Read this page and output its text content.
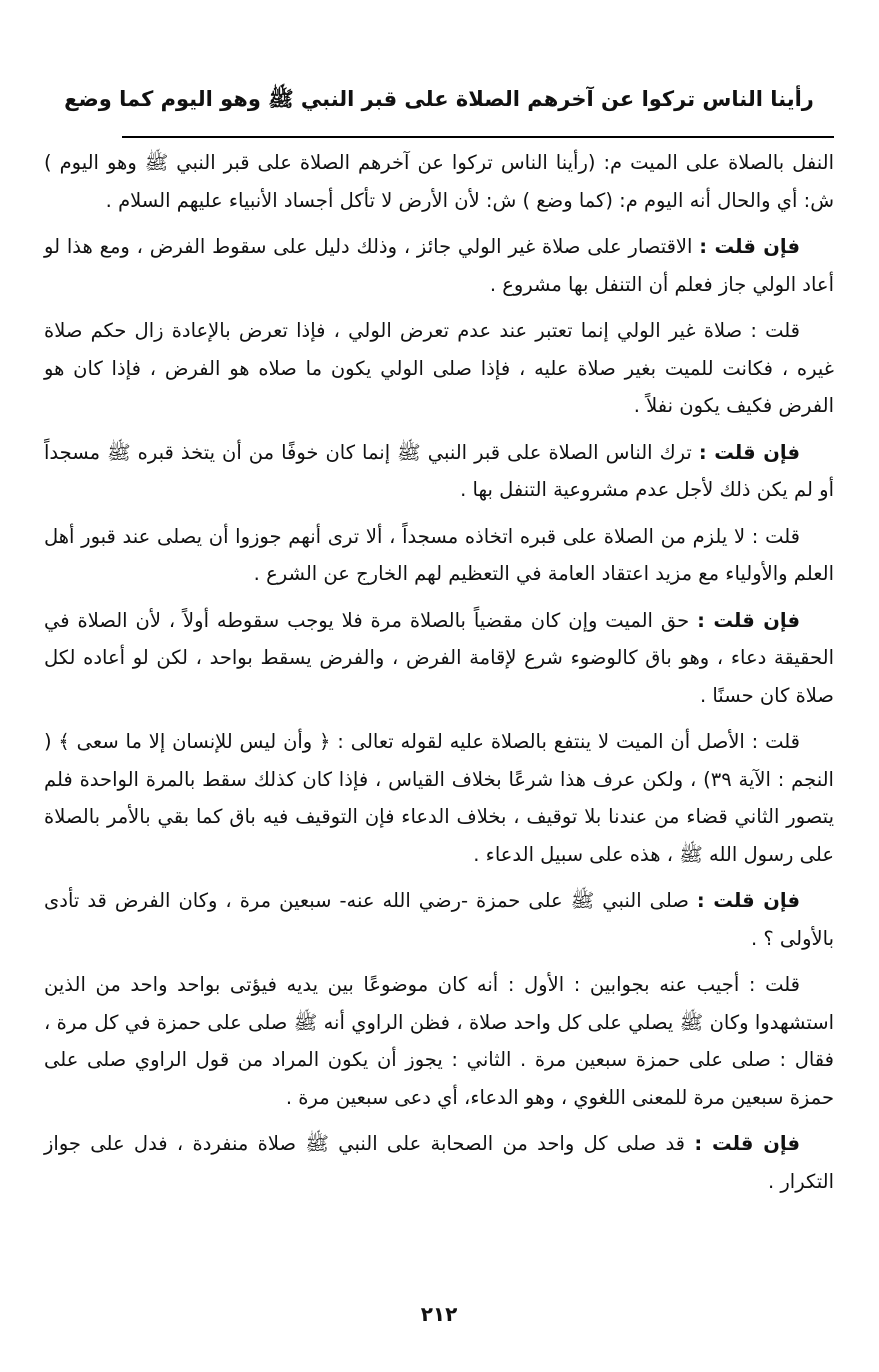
رأينا الناس تركوا عن آخرهم الصلاة على قبر النبي ﷺ وهو اليوم كما وضع

النفل بالصلاة على الميت م: (رأينا الناس تركوا عن آخرهم الصلاة على قبر النبي ﷺ وهو اليوم ) ش: أي والحال أنه اليوم م: (كما وضع ) ش: لأن الأرض لا تأكل أجساد الأنبياء عليهم السلام .

فإن قلت : الاقتصار على صلاة غير الولي جائز ، وذلك دليل على سقوط الفرض ، ومع هذا لو أعاد الولي جاز فعلم أن التنفل بها مشروع .

قلت : صلاة غير الولي إنما تعتبر عند عدم تعرض الولي ، فإذا تعرض بالإعادة زال حكم صلاة غيره ، فكانت للميت بغير صلاة عليه ، فإذا صلى الولي يكون ما صلاه هو الفرض ، فإذا كان هو الفرض فكيف يكون نفلاً .

فإن قلت : ترك الناس الصلاة على قبر النبي ﷺ إنما كان خوفًا من أن يتخذ قبره ﷺ مسجداً أو لم يكن ذلك لأجل عدم مشروعية التنفل بها .

قلت : لا يلزم من الصلاة على قبره اتخاذه مسجداً ، ألا ترى أنهم جوزوا أن يصلى عند قبور أهل العلم والأولياء مع مزيد اعتقاد العامة في التعظيم لهم الخارج عن الشرع .

فإن قلت : حق الميت وإن كان مقضياً بالصلاة مرة فلا يوجب سقوطه أولاً ، لأن الصلاة في الحقيقة دعاء ، وهو باق كالوضوء شرع لإقامة الفرض ، والفرض يسقط بواحد ، لكن لو أعاده لكل صلاة كان حسنًا .

قلت : الأصل أن الميت لا ينتفع بالصلاة عليه لقوله تعالى : ﴿ وأن ليس للإنسان إلا ما سعى ﴾ ( النجم : الآية ٣٩) ، ولكن عرف هذا شرعًا بخلاف القياس ، فإذا كان كذلك سقط بالمرة الواحدة فلم يتصور الثاني قضاء من عندنا بلا توقيف ، بخلاف الدعاء فإن التوقيف فيه باق كما بقي بالأمر بالصلاة على رسول الله ﷺ ، هذه على سبيل الدعاء .

فإن قلت : صلى النبي ﷺ على حمزة -رضي الله عنه- سبعين مرة ، وكان الفرض قد تأدى بالأولى ؟ .

قلت : أجيب عنه بجوابين : الأول : أنه كان موضوعًا بين يديه فيؤتى بواحد واحد من الذين استشهدوا وكان ﷺ يصلي على كل واحد صلاة ، فظن الراوي أنه ﷺ صلى على حمزة في كل مرة ، فقال : صلى على حمزة سبعين مرة . الثاني : يجوز أن يكون المراد من قول الراوي صلى على حمزة سبعين مرة للمعنى اللغوي ، وهو الدعاء، أي دعى سبعين مرة .

فإن قلت : قد صلى كل واحد من الصحابة على النبي ﷺ صلاة منفردة ، فدل على جواز التكرار .

٢١٢
